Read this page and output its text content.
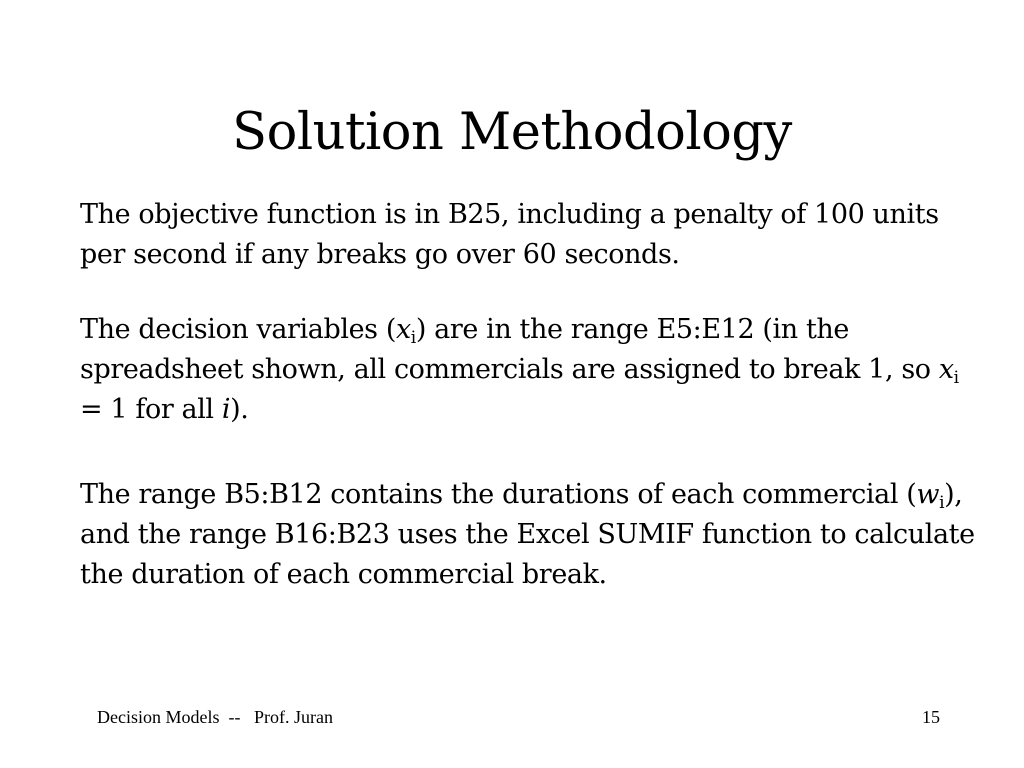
Solution Methodology

The objective function is in B25, including a penalty of 100 units per second if any breaks go over 60 seconds.

The decision variables $(x_i)$ are in the range E5:E12 (in the spreadsheet shown, all commercials are assigned to break 1, so $x_i = 1$ for all i).

The range B5:B12 contains the durations of each commercial $(w_i)$, and the range B16:B23 uses the Excel SUMIF function to calculate the duration of each commercial break.

Decision Models  --   Prof. Juran	15
